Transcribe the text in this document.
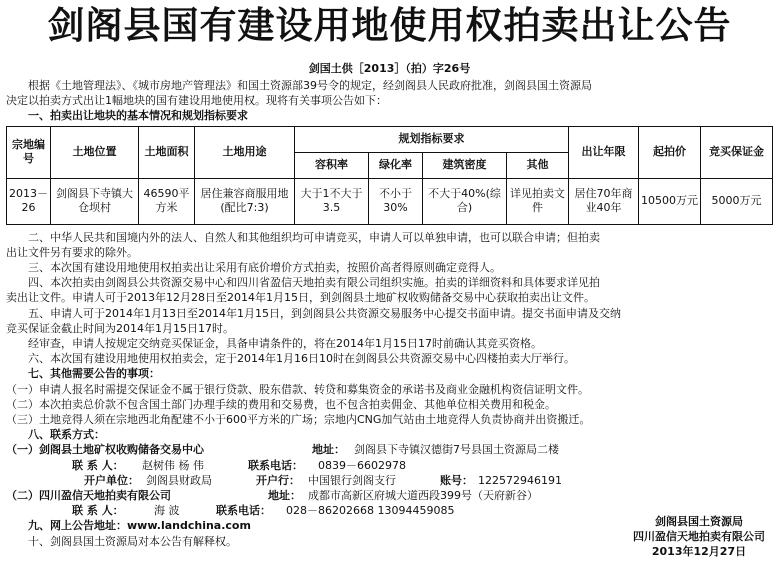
剑阁县国有建设用地使用权拍卖出让公告
剑国土供［2013］（拍）字26号
根据《土地管理法》、《城市房地产管理法》和国土资源部39号令的规定，经剑阁县人民政府批准，剑阁县国土资源局
决定以拍卖方式出让1幅地块的国有建设用地使用权。现将有关事项公告如下：
一、拍卖出让地块的基本情况和规划指标要求
宗地编号	土地位置	土地面积	土地用途	规划指标要求				出让年限	起拍价	竞买保证金
				容积率	绿化率	建筑密度	其他			
2013－26	剑阁县下寺镇大仓坝村	46590平方米	居住兼容商服用地(配比7:3)	大于1不大于3.5	不小于30%	不大于40%(综合)	详见拍卖文件	居住70年商业40年	10500万元	5000万元
二、中华人民共和国境内外的法人、自然人和其他组织均可申请竞买，申请人可以单独申请，也可以联合申请；但拍卖
出让文件另有要求的除外。
三、本次国有建设用地使用权拍卖出让采用有底价增价方式拍卖，按照价高者得原则确定竞得人。
四、本次拍卖由剑阁县公共资源交易中心和四川省盈信天地拍卖有限公司组织实施。拍卖的详细资料和具体要求详见拍
卖出让文件。申请人可于2013年12月28日至2014年1月15日，到剑阁县土地矿权收购储备交易中心获取拍卖出让文件。
五、申请人可于2014年1月13日至2014年1月15日，到剑阁县公共资源交易服务中心提交书面申请。提交书面申请及交纳
竞买保证金截止时间为2014年1月15日17时。
经审查，申请人按规定交纳竞买保证金，具备申请条件的，将在2014年1月15日17时前确认其竞买资格。
六、本次国有建设用地使用权拍卖会，定于2014年1月16日10时在剑阁县公共资源交易中心四楼拍卖大厅举行。
七、其他需要公告的事项：
（一）申请人报名时需提交保证金不属于银行贷款、股东借款、转贷和募集资金的承诺书及商业金融机构资信证明文件。
（二）本次拍卖总价款不包含国土部门办理手续的费用和交易费，也不包含拍卖佣金、其他单位相关费用和税金。
（三）土地竞得人须在宗地西北角配建不小于600平方米的广场；宗地内CNG加气站由土地竞得人负责协商并出资搬迁。
八、联系方式：
（一）剑阁县土地矿权收购储备交易中心	地址： 剑阁县下寺镇汉德街7号县国土资源局二楼
联 系 人： 赵树伟 杨 伟	联系电话： 0839－6602978
开户单位： 剑阁县财政局	开户行： 中国银行剑阁支行	账号： 122572946191
（二）四川盈信天地拍卖有限公司	地址： 成都市高新区府城大道西段399号（天府新谷）
联 系 人：	海 波	联系电话： 028－86202668 13094459085
九、网上公告地址：www.landchina.com
十、剑阁县国土资源局对本公告有解释权。
剑阁县国土资源局
四川盈信天地拍卖有限公司
2013年12月27日
